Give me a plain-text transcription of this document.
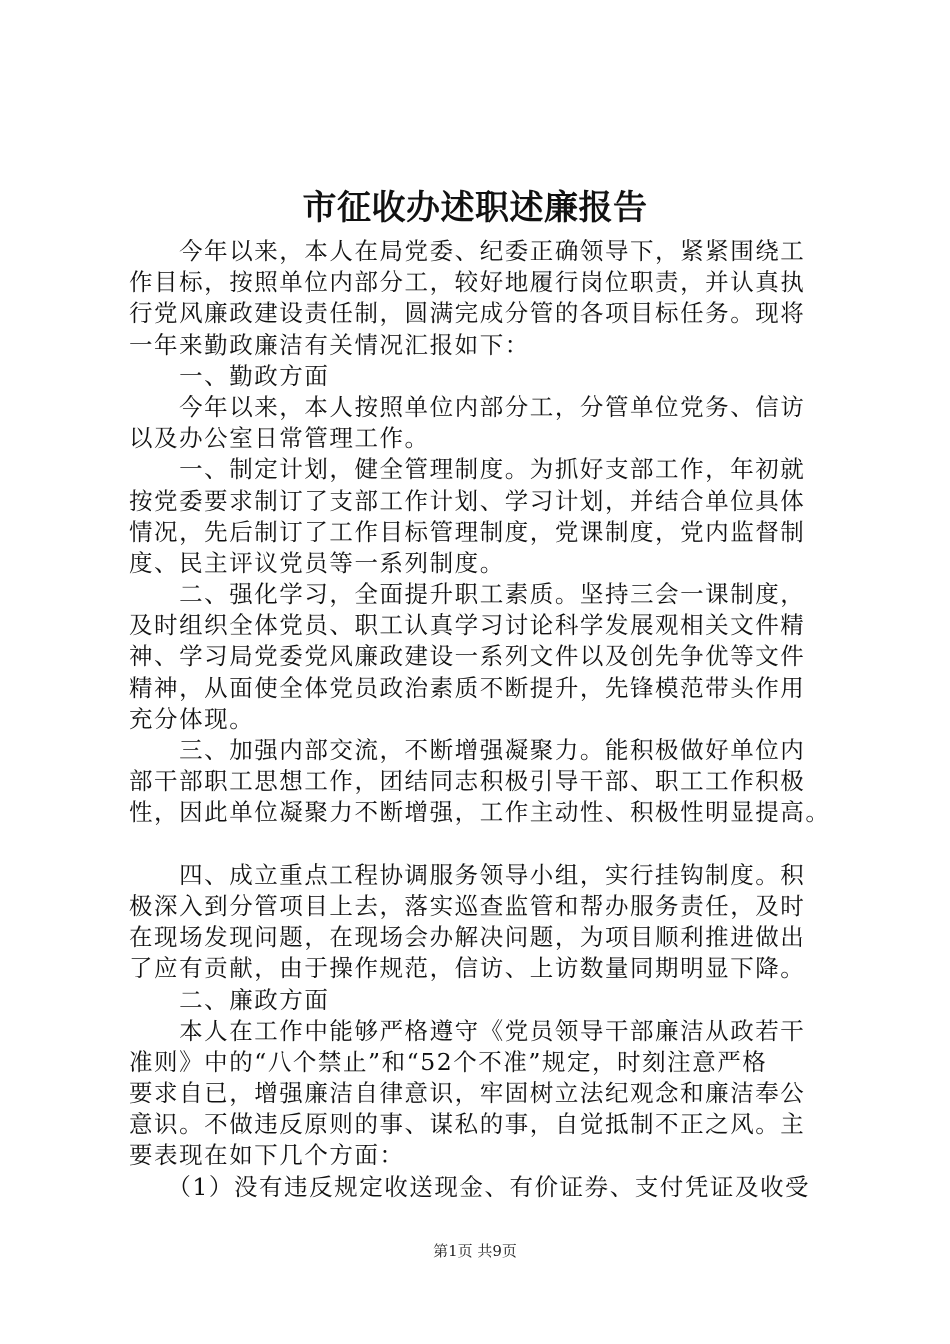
市征收办述职述廉报告
　　今年以来，本人在局党委、纪委正确领导下，紧紧围绕工
作目标，按照单位内部分工，较好地履行岗位职责，并认真执
行党风廉政建设责任制，圆满完成分管的各项目标任务。现将
一年来勤政廉洁有关情况汇报如下：
　　一、勤政方面
　　今年以来，本人按照单位内部分工，分管单位党务、信访
以及办公室日常管理工作。
　　一、制定计划，健全管理制度。为抓好支部工作，年初就
按党委要求制订了支部工作计划、学习计划，并结合单位具体
情况，先后制订了工作目标管理制度，党课制度，党内监督制
度、民主评议党员等一系列制度。
　　二、强化学习，全面提升职工素质。坚持三会一课制度，
及时组织全体党员、职工认真学习讨论科学发展观相关文件精
神、学习局党委党风廉政建设一系列文件以及创先争优等文件
精神，从面使全体党员政治素质不断提升，先锋模范带头作用
充分体现。
　　三、加强内部交流，不断增强凝聚力。能积极做好单位内
部干部职工思想工作，团结同志积极引导干部、职工工作积极
性，因此单位凝聚力不断增强，工作主动性、积极性明显提高。
　　四、成立重点工程协调服务领导小组，实行挂钩制度。积
极深入到分管项目上去，落实巡查监管和帮办服务责任，及时
在现场发现问题，在现场会办解决问题，为项目顺利推进做出
了应有贡献，由于操作规范，信访、上访数量同期明显下降。
　　二、廉政方面
　　本人在工作中能够严格遵守《党员领导干部廉洁从政若干
准则》中的“八个禁止”和“52个不准”规定，时刻注意严格
要求自已，增强廉洁自律意识，牢固树立法纪观念和廉洁奉公
意识。不做违反原则的事、谋私的事，自觉抵制不正之风。主
要表现在如下几个方面：
　　（1）没有违反规定收送现金、有价证券、支付凭证及收受
第1页 共9页
